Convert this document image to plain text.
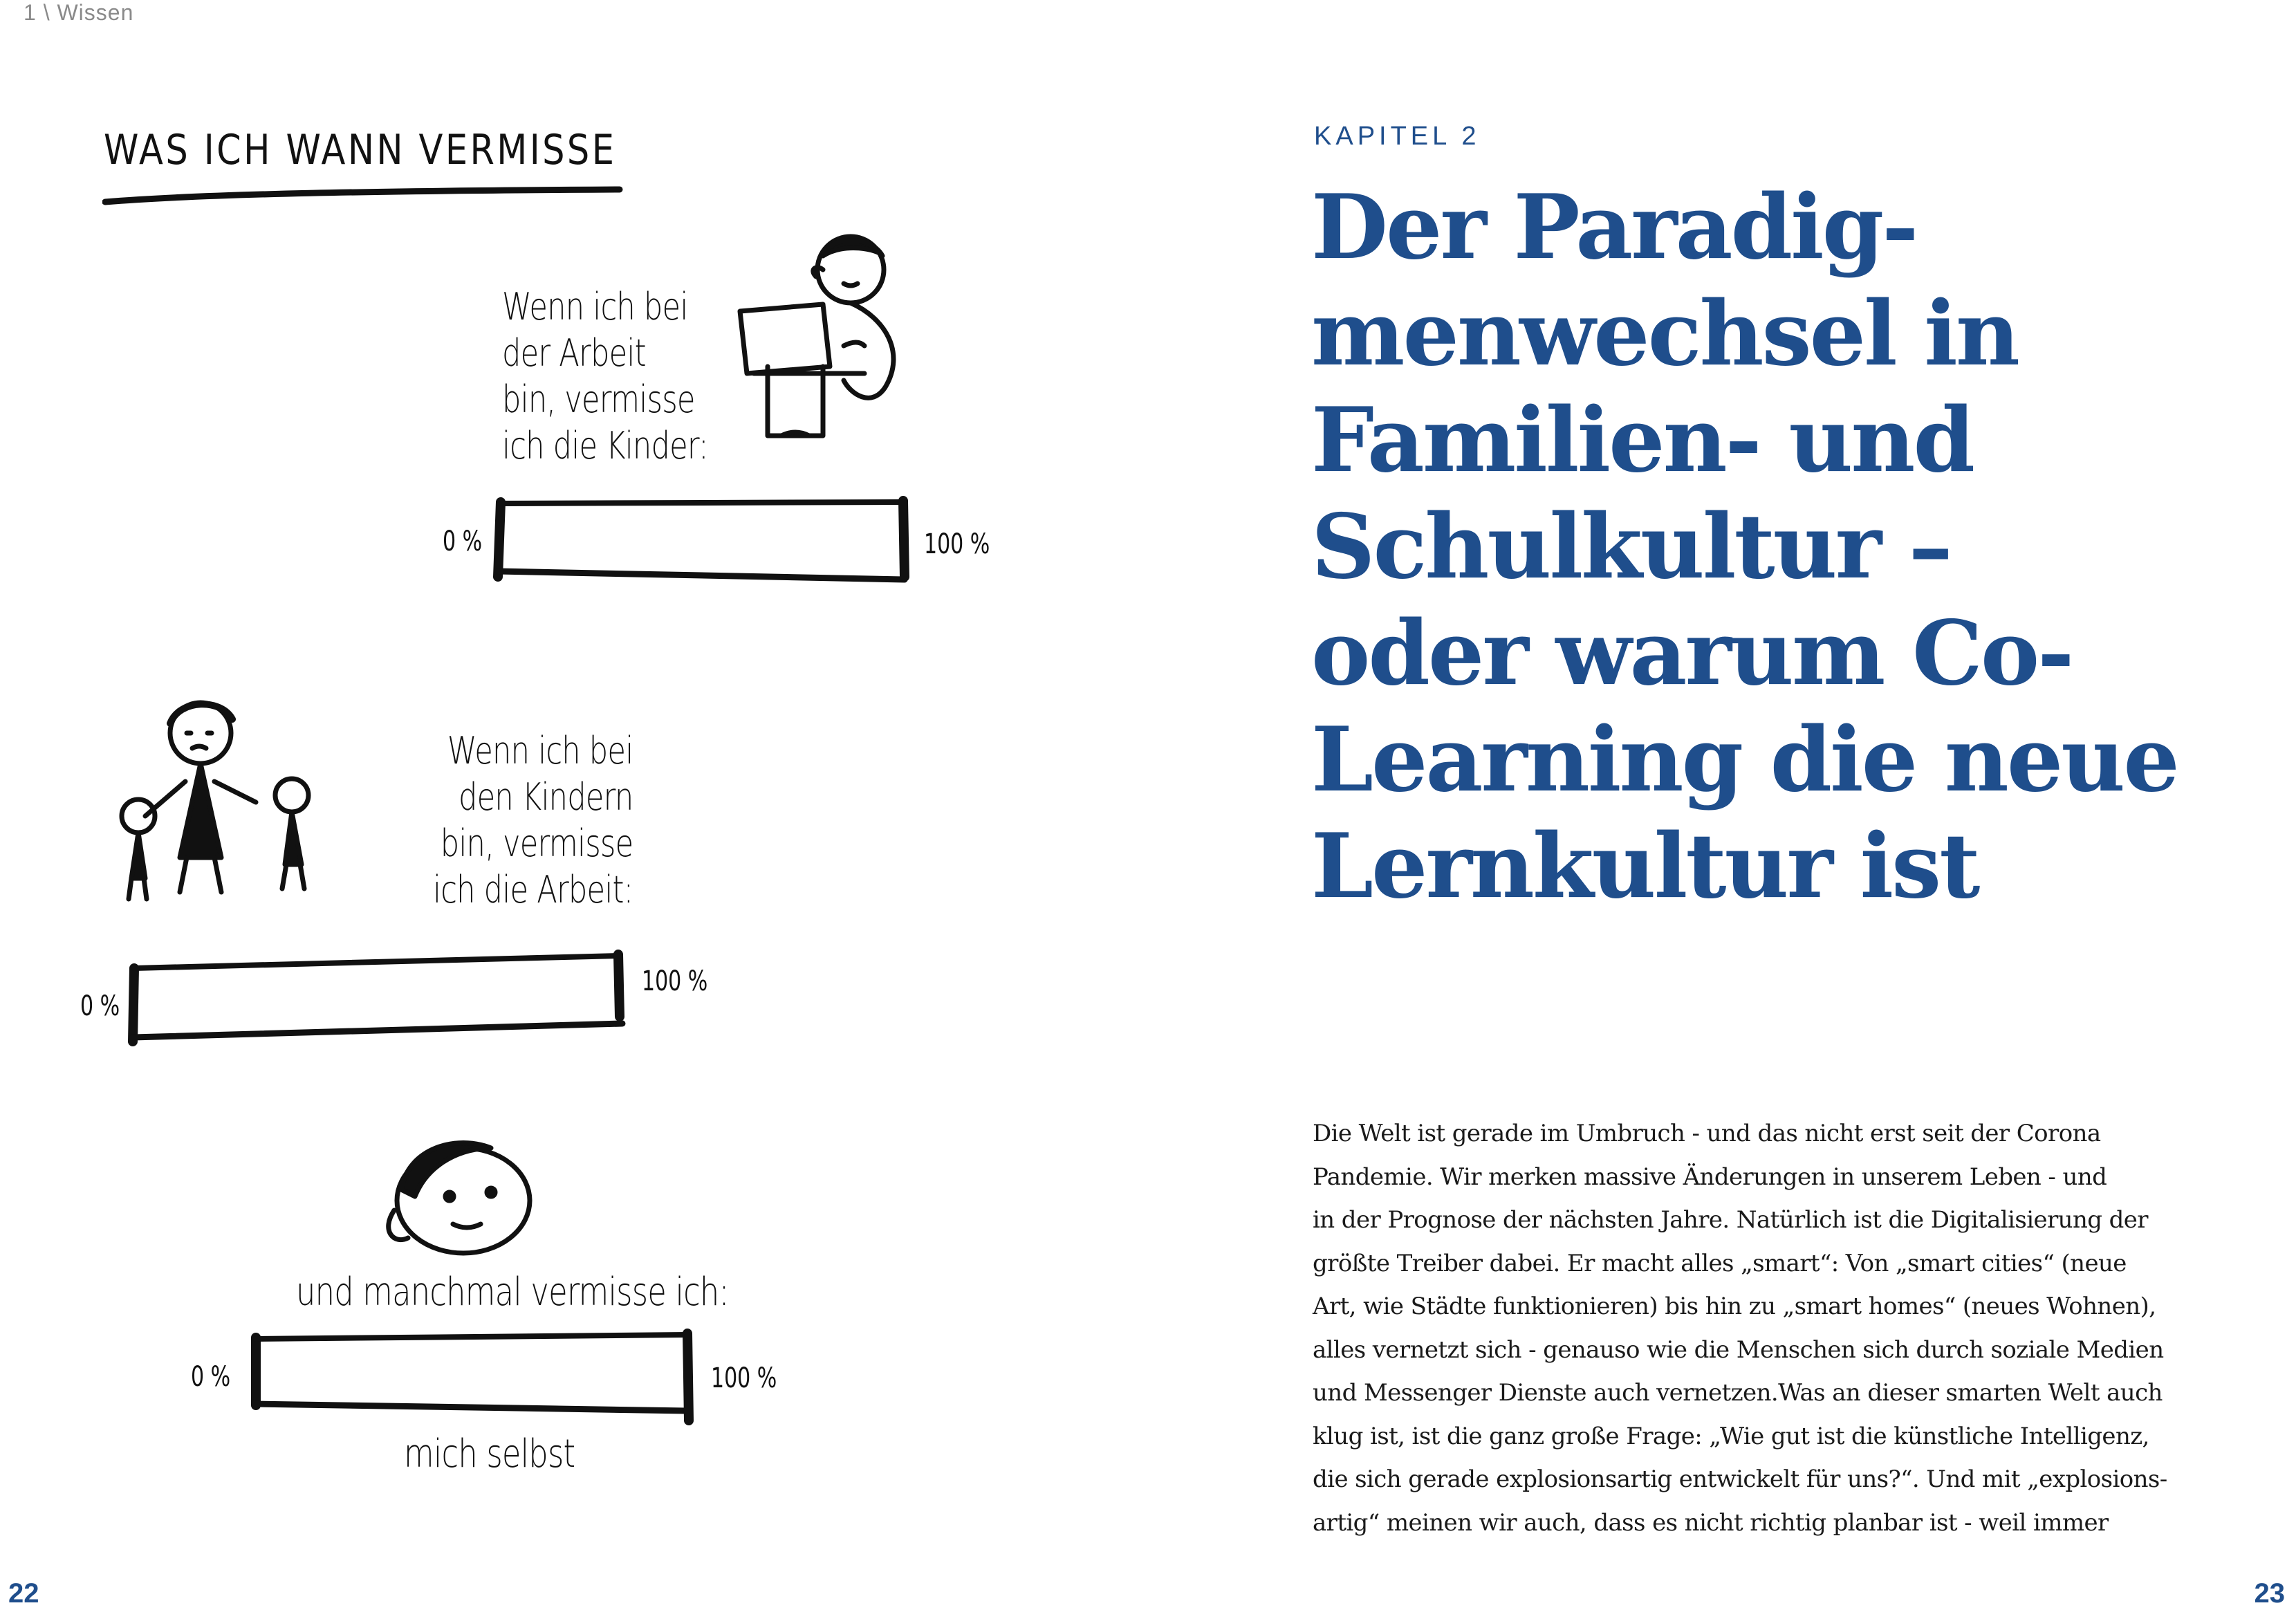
1 \ Wissen
WAS ICH WANN VERMISSE
Wenn ich bei
der Arbeit
bin, vermisse
ich die Kinder:
0 %	100 %
Wenn ich bei
den Kindern
bin, vermisse
ich die Arbeit:
0 %
100 %
und manchmal vermisse ich:
0 %	100 %
mich selbst
22
KAPITEL 2
Der Paradig-
menwechsel in
Familien- und
Schulkultur –
oder warum Co-
Learning die neue
Lernkultur ist
Die Welt ist gerade im Umbruch - und das nicht erst seit der Corona
Pandemie. Wir merken massive Änderungen in unserem Leben - und
in der Prognose der nächsten Jahre. Natürlich ist die Digitalisierung der
größte Treiber dabei. Er macht alles „smart“: Von „smart cities“ (neue
Art, wie Städte funktionieren) bis hin zu „smart homes“ (neues Wohnen),
alles vernetzt sich - genauso wie die Menschen sich durch soziale Medien
und Messenger Dienste auch vernetzen.Was an dieser smarten Welt auch
klug ist, ist die ganz große Frage: „Wie gut ist die künstliche Intelligenz,
die sich gerade explosionsartig entwickelt für uns?“. Und mit „explosions-
artig“ meinen wir auch, dass es nicht richtig planbar ist - weil immer
23
